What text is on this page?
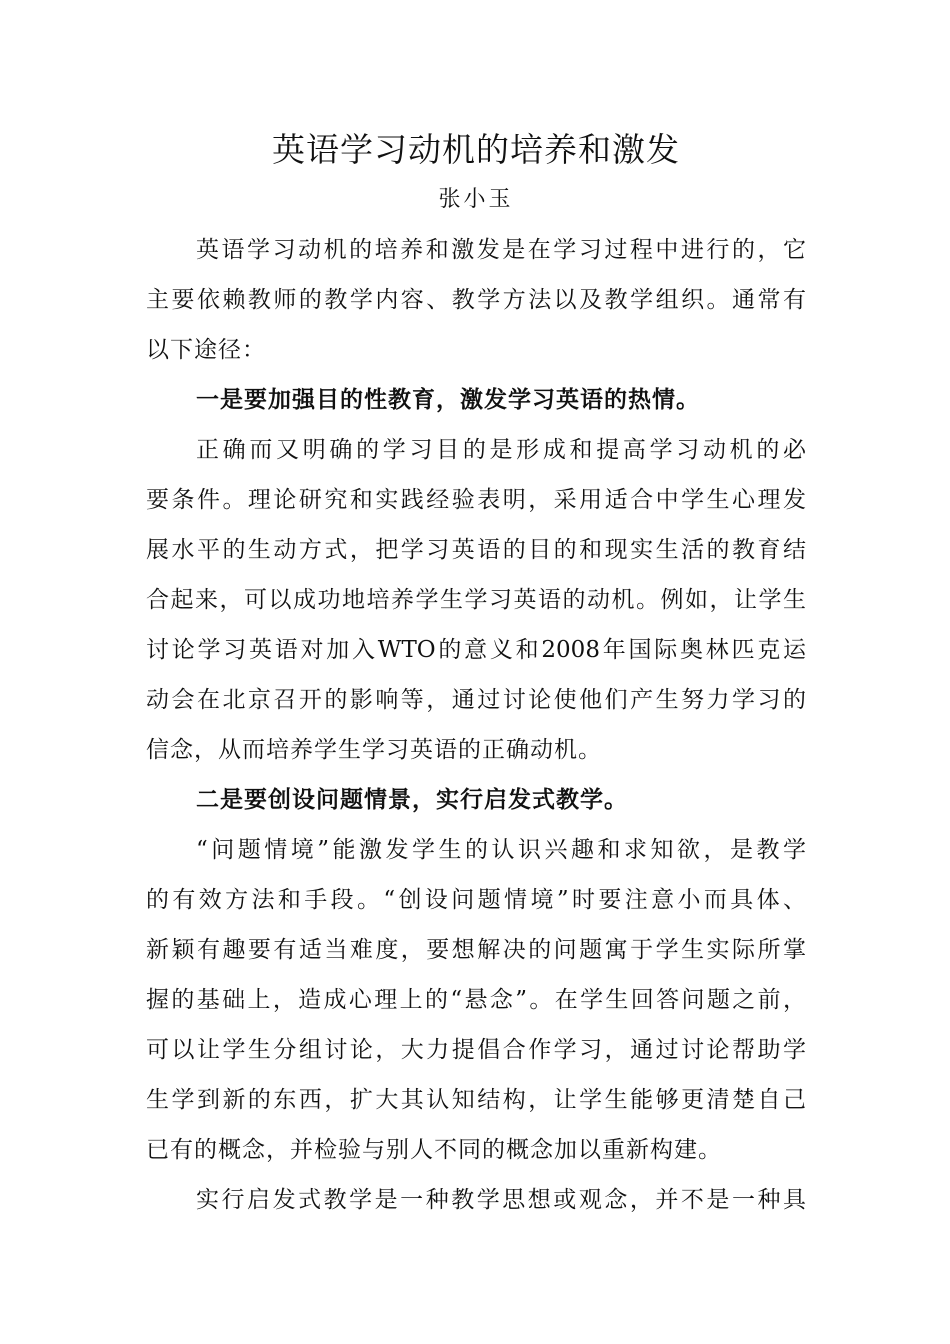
英语学习动机的培养和激发
张小玉
英语学习动机的培养和激发是在学习过程中进行的，它
主要依赖教师的教学内容、教学方法以及教学组织。通常有
以下途径：
一是要加强目的性教育，激发学习英语的热情。
正确而又明确的学习目的是形成和提高学习动机的必
要条件。理论研究和实践经验表明，采用适合中学生心理发
展水平的生动方式，把学习英语的目的和现实生活的教育结
合起来，可以成功地培养学生学习英语的动机。例如，让学生
讨论学习英语对加入WTO的意义和2008年国际奥林匹克运
动会在北京召开的影响等，通过讨论使他们产生努力学习的
信念，从而培养学生学习英语的正确动机。
二是要创设问题情景，实行启发式教学。
“问题情境”能激发学生的认识兴趣和求知欲，是教学
的有效方法和手段。“创设问题情境”时要注意小而具体、
新颖有趣要有适当难度，要想解决的问题寓于学生实际所掌
握的基础上，造成心理上的“悬念”。在学生回答问题之前，
可以让学生分组讨论，大力提倡合作学习，通过讨论帮助学
生学到新的东西，扩大其认知结构，让学生能够更清楚自己
已有的概念，并检验与别人不同的概念加以重新构建。
实行启发式教学是一种教学思想或观念，并不是一种具
